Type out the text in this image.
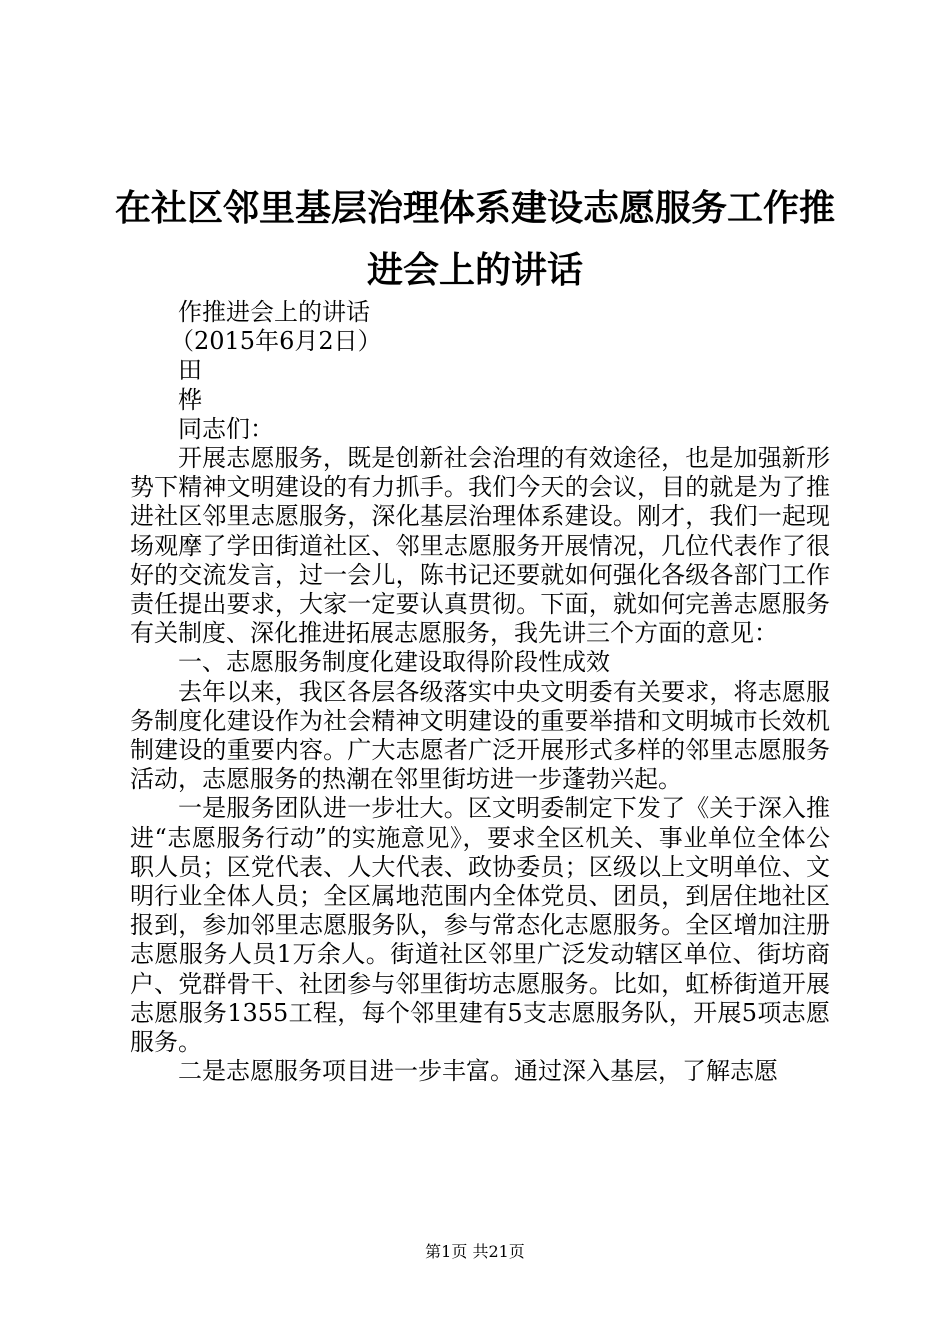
在社区邻里基层治理体系建设志愿服务工作推
进会上的讲话

作推进会上的讲话

（2015年6月2日）

田

桦

同志们：

开展志愿服务，既是创新社会治理的有效途径，也是加强新形势下精神文明建设的有力抓手。我们今天的会议，目的就是为了推进社区邻里志愿服务，深化基层治理体系建设。刚才，我们一起现场观摩了学田街道社区、邻里志愿服务开展情况，几位代表作了很好的交流发言，过一会儿，陈书记还要就如何强化各级各部门工作责任提出要求，大家一定要认真贯彻。下面，就如何完善志愿服务有关制度、深化推进拓展志愿服务，我先讲三个方面的意见：

一、志愿服务制度化建设取得阶段性成效

去年以来，我区各层各级落实中央文明委有关要求，将志愿服务制度化建设作为社会精神文明建设的重要举措和文明城市长效机制建设的重要内容。广大志愿者广泛开展形式多样的邻里志愿服务活动，志愿服务的热潮在邻里街坊进一步蓬勃兴起。

一是服务团队进一步壮大。区文明委制定下发了《关于深入推进“志愿服务行动”的实施意见》，要求全区机关、事业单位全体公职人员；区党代表、人大代表、政协委员；区级以上文明单位、文明行业全体人员；全区属地范围内全体党员、团员，到居住地社区报到，参加邻里志愿服务队，参与常态化志愿服务。全区增加注册志愿服务人员1万余人。街道社区邻里广泛发动辖区单位、街坊商户、党群骨干、社团参与邻里街坊志愿服务。比如，虹桥街道开展志愿服务1355工程，每个邻里建有5支志愿服务队，开展5项志愿服务。

二是志愿服务项目进一步丰富。通过深入基层，了解志愿

第1页 共21页
